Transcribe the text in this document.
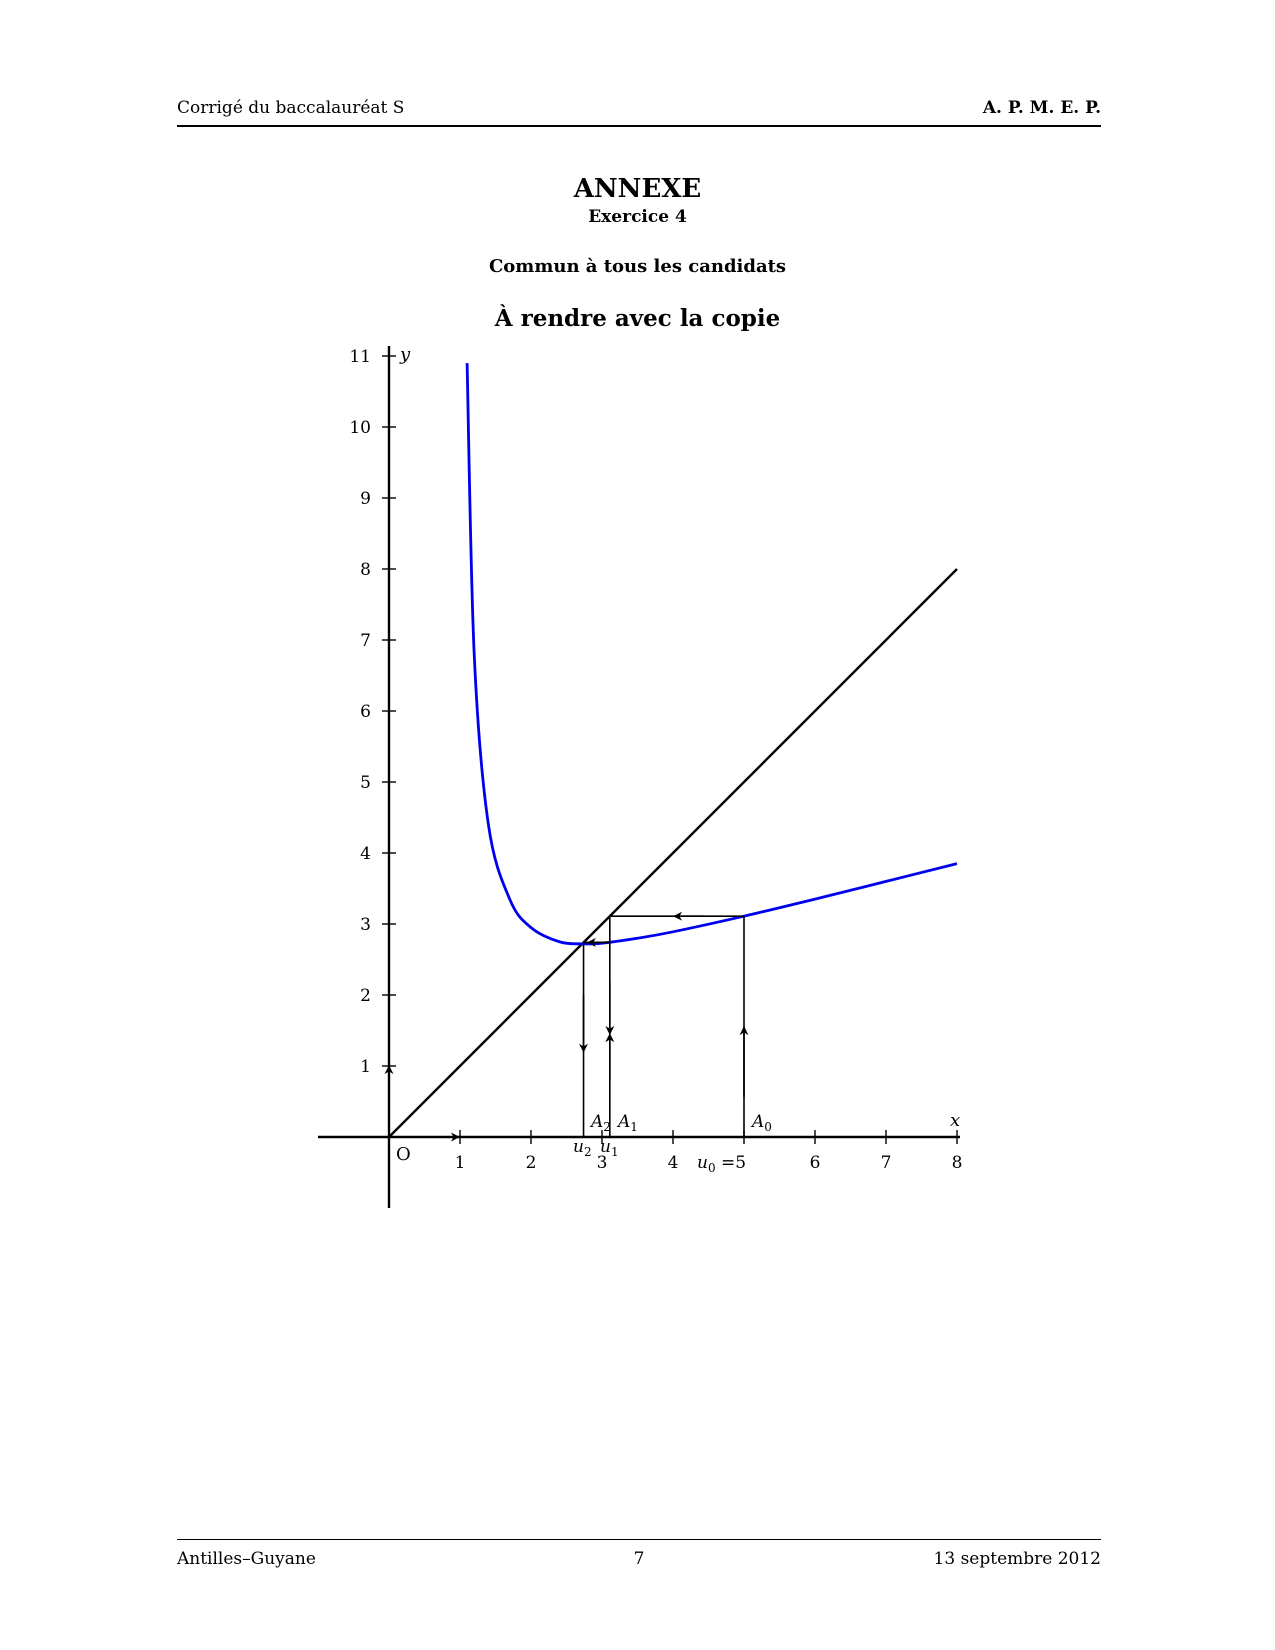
Corrigé du baccalauréat S	A. P. M. E. P.
ANNEXE
Exercice 4
Commun à tous les candidats
À rendre avec la copie
1	2	3	4	6	7	8
1
2
3
4
5
6
7
8
9
10
11
O
x
y
$A_0$
$A_1$
$A_2$
$u_2$ $u_1$
$u_0 =5$
Antilles–Guyane	7	13 septembre 2012
